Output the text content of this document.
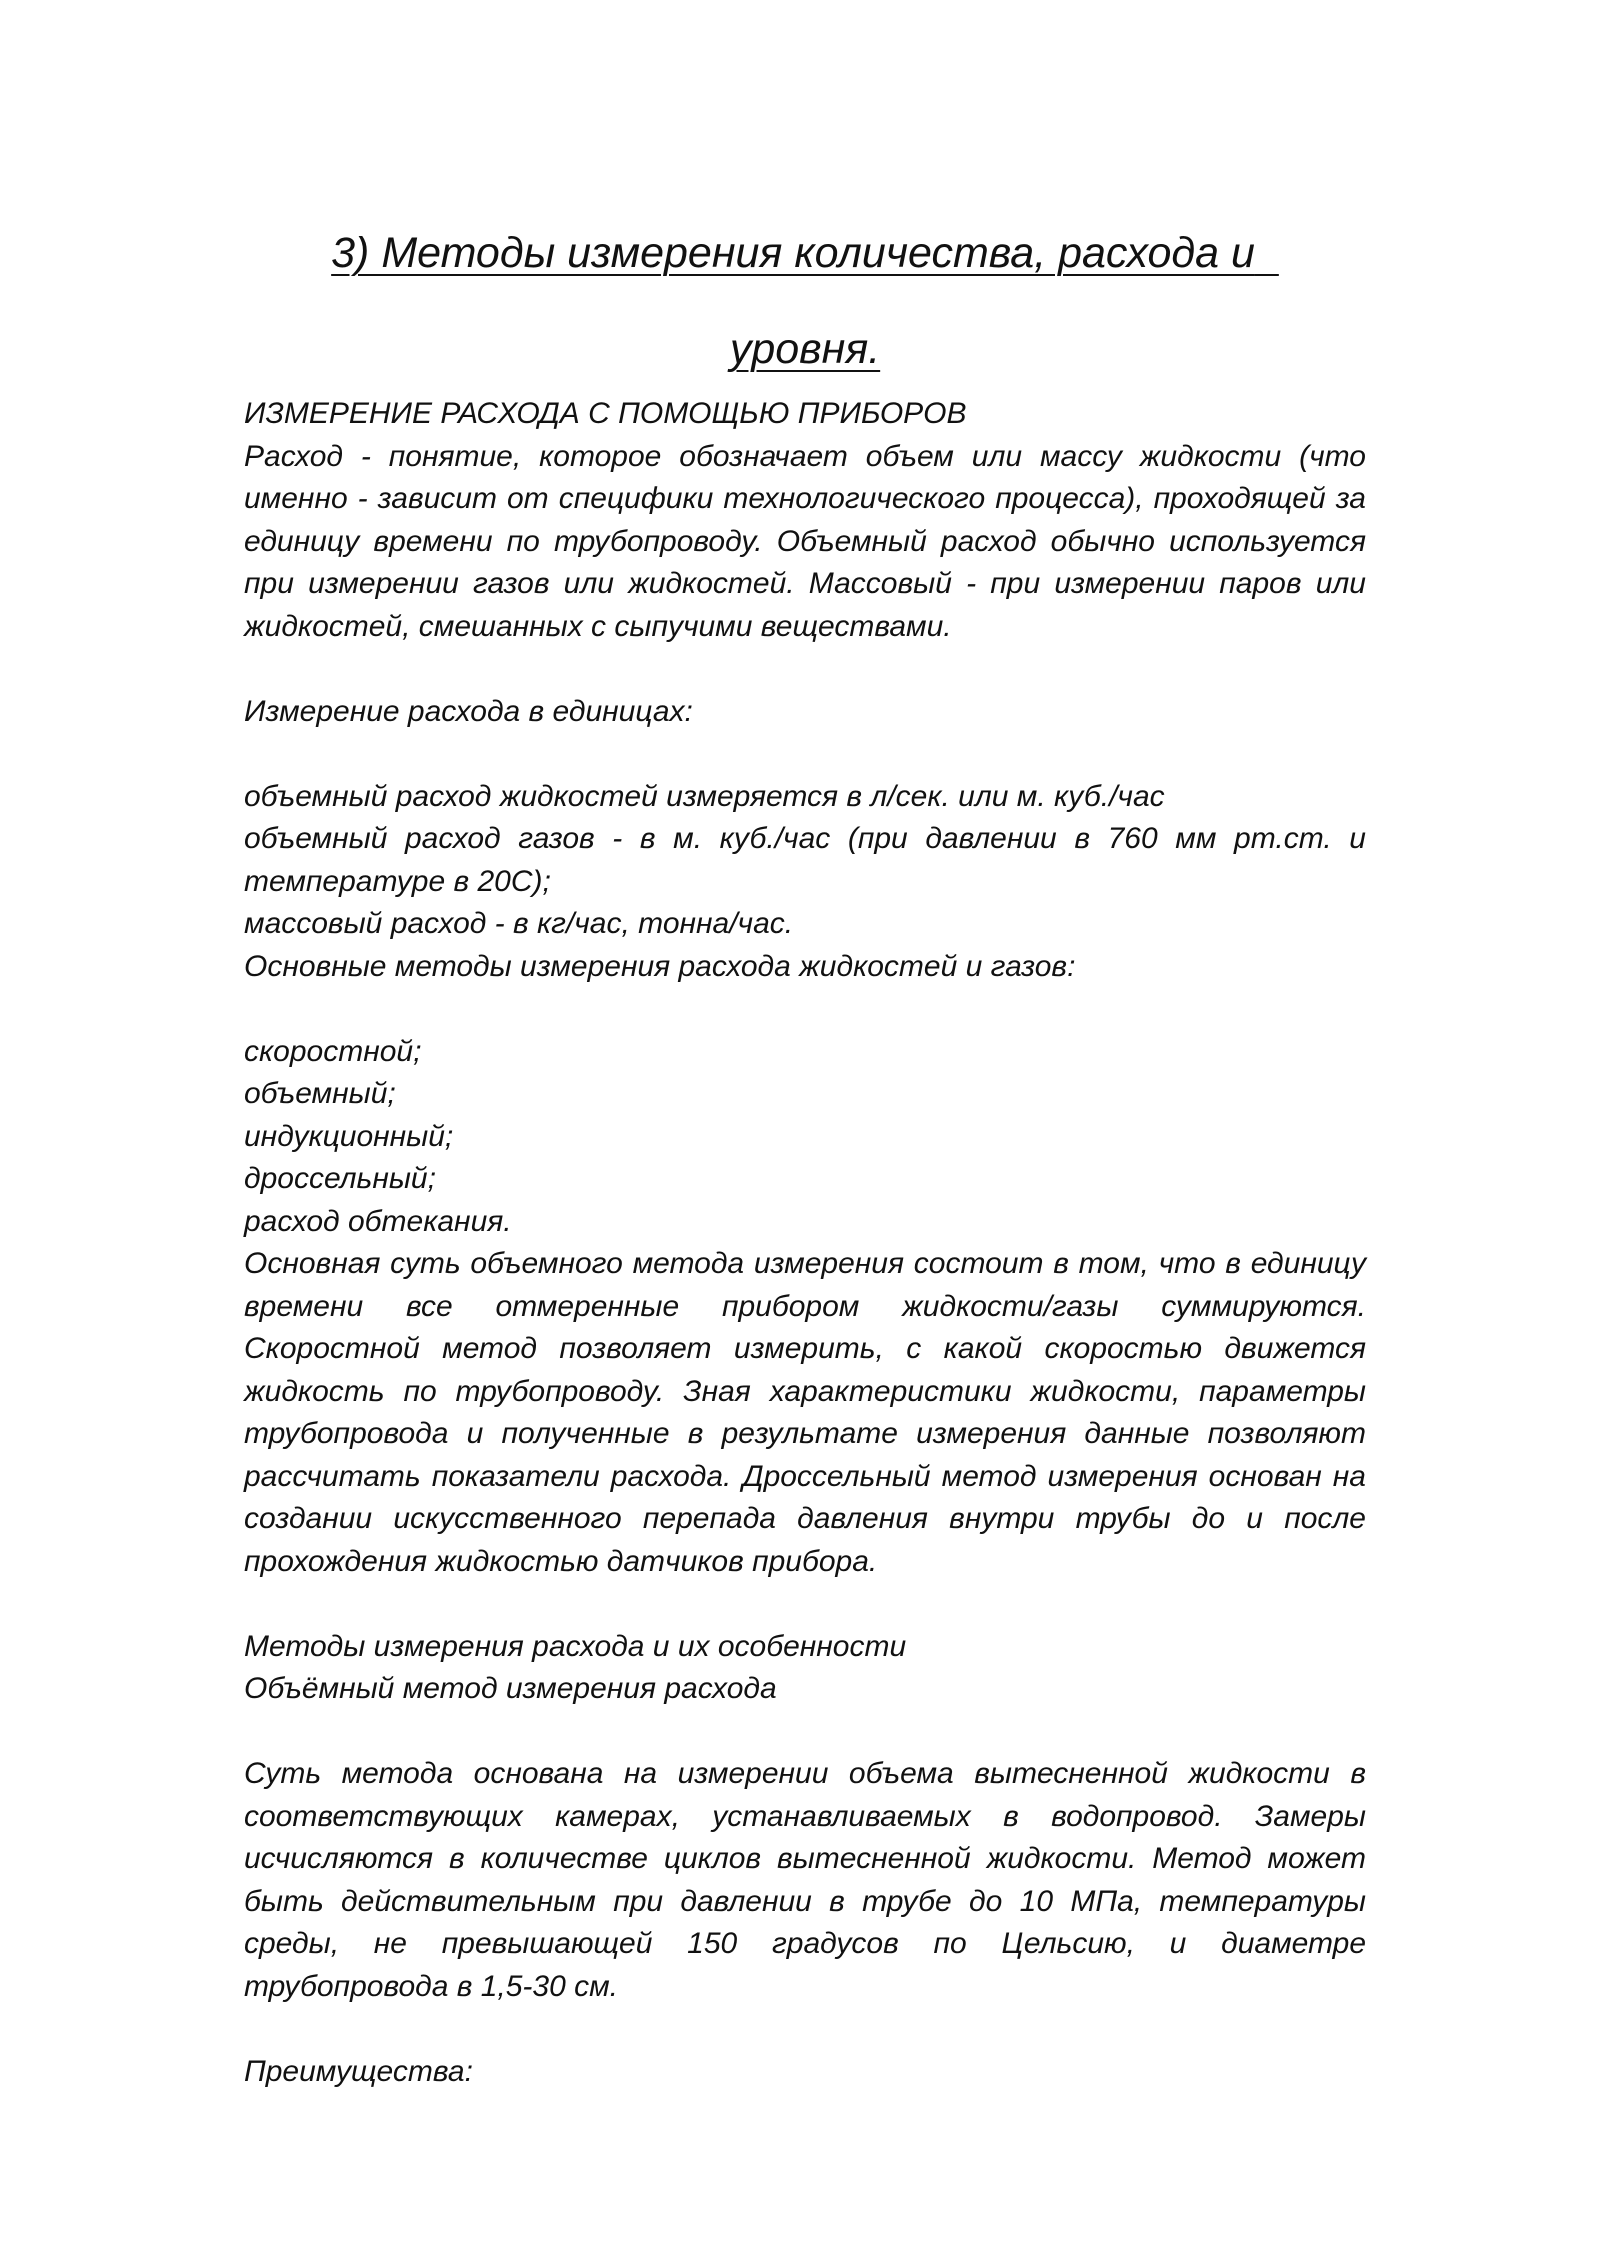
3) Методы измерения количества, расхода и
уровня.

ИЗМЕРЕНИЕ РАСХОДА С ПОМОЩЬЮ ПРИБОРОВ

Расход - понятие, которое обозначает объем или массу жидкости (что именно - зависит от специфики технологического процесса), проходящей за единицу времени по трубопроводу. Объемный расход обычно используется при измерении газов или жидкостей. Массовый - при измерении паров или жидкостей, смешанных с сыпучими веществами.

Измерение расхода в единицах:

объемный расход жидкостей измеряется в л/сек. или м. куб./час

объемный расход газов - в м. куб./час (при давлении в 760 мм рт.ст. и температуре в 20С);

массовый расход - в кг/час, тонна/час.

Основные методы измерения расхода жидкостей и газов:

скоростной;
объемный;
индукционный;
дроссельный;
расход обтекания.

Основная суть объемного метода измерения состоит в том, что в единицу времени все отмеренные прибором жидкости/газы суммируются. Скоростной метод позволяет измерить, с какой скоростью движется жидкость по трубопроводу. Зная характеристики жидкости, параметры трубопровода и полученные в результате измерения данные позволяют рассчитать показатели расхода. Дроссельный метод измерения основан на создании искусственного перепада давления внутри трубы до и после прохождения жидкостью датчиков прибора.

Методы измерения расхода и их особенности

Объёмный метод измерения расхода

Суть метода основана на измерении объема вытесненной жидкости в соответствующих камерах, устанавливаемых в водопровод. Замеры исчисляются в количестве циклов вытесненной жидкости. Метод может быть действительным при давлении в трубе до 10 МПа, температуры среды, не превышающей 150 градусов по Цельсию, и диаметре трубопровода в 1,5-30 см.

Преимущества:
